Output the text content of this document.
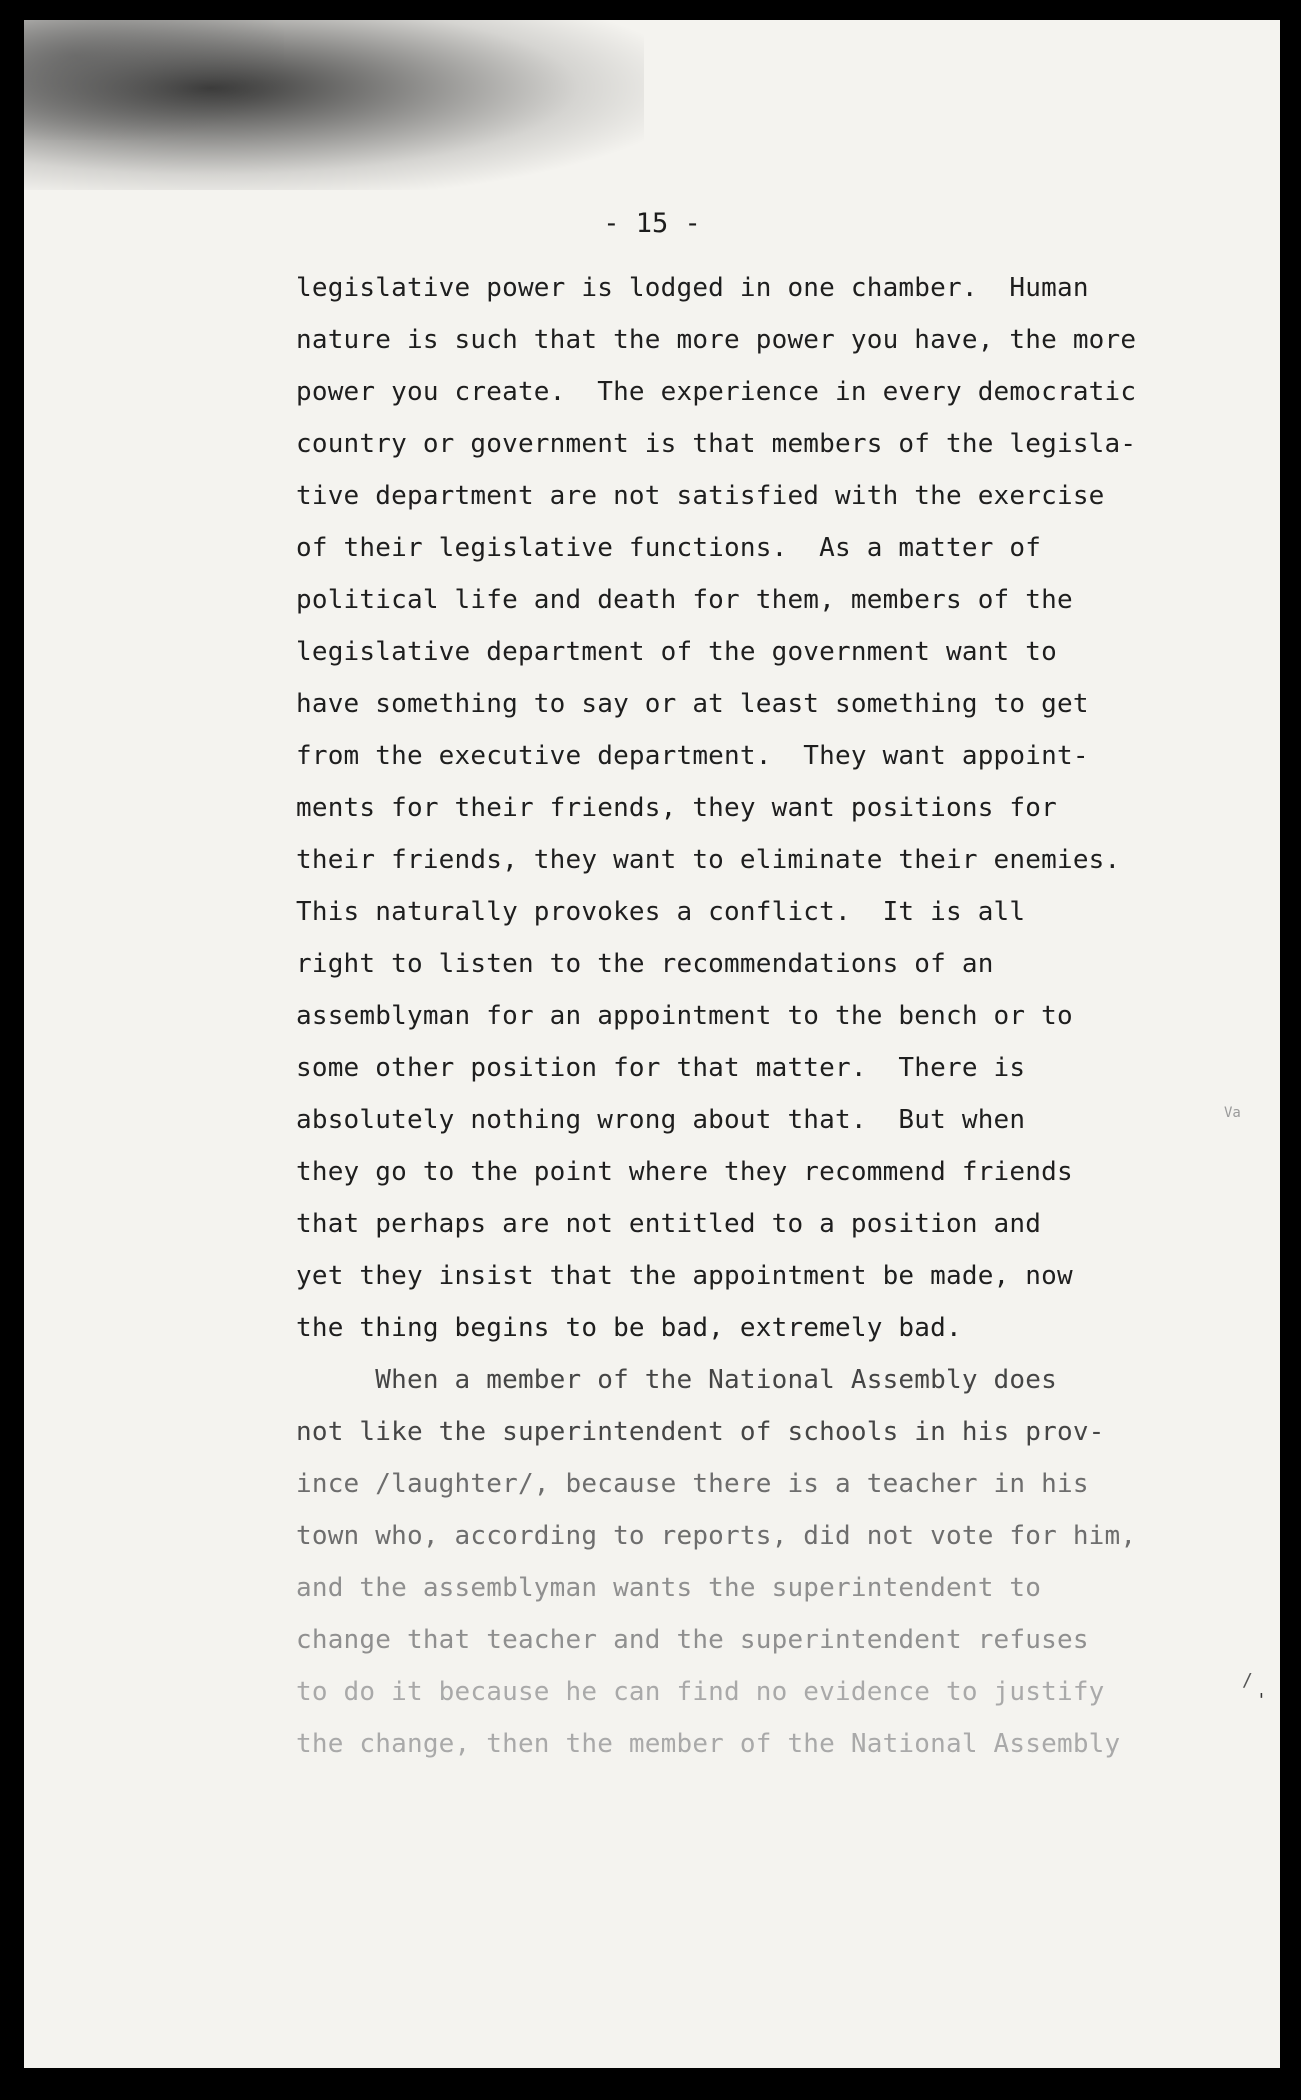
- 15 -

legislative power is lodged in one chamber.  Human
nature is such that the more power you have, the more
power you create.  The experience in every democratic
country or government is that members of the legisla-
tive department are not satisfied with the exercise
of their legislative functions.  As a matter of
political life and death for them, members of the
legislative department of the government want to
have something to say or at least something to get
from the executive department.  They want appoint-
ments for their friends, they want positions for
their friends, they want to eliminate their enemies.
This naturally provokes a conflict.  It is all
right to listen to the recommendations of an
assemblyman for an appointment to the bench or to
some other position for that matter.  There is
absolutely nothing wrong about that.  But when
they go to the point where they recommend friends
that perhaps are not entitled to a position and
yet they insist that the appointment be made, now
the thing begins to be bad, extremely bad.
When a member of the National Assembly does
not like the superintendent of schools in his prov-
ince /laughter/, because there is a teacher in his
town who, according to reports, did not vote for him,
and the assemblyman wants the superintendent to
change that teacher and the superintendent refuses
to do it because he can find no evidence to justify
the change, then the member of the National Assembly
Va
/
'
